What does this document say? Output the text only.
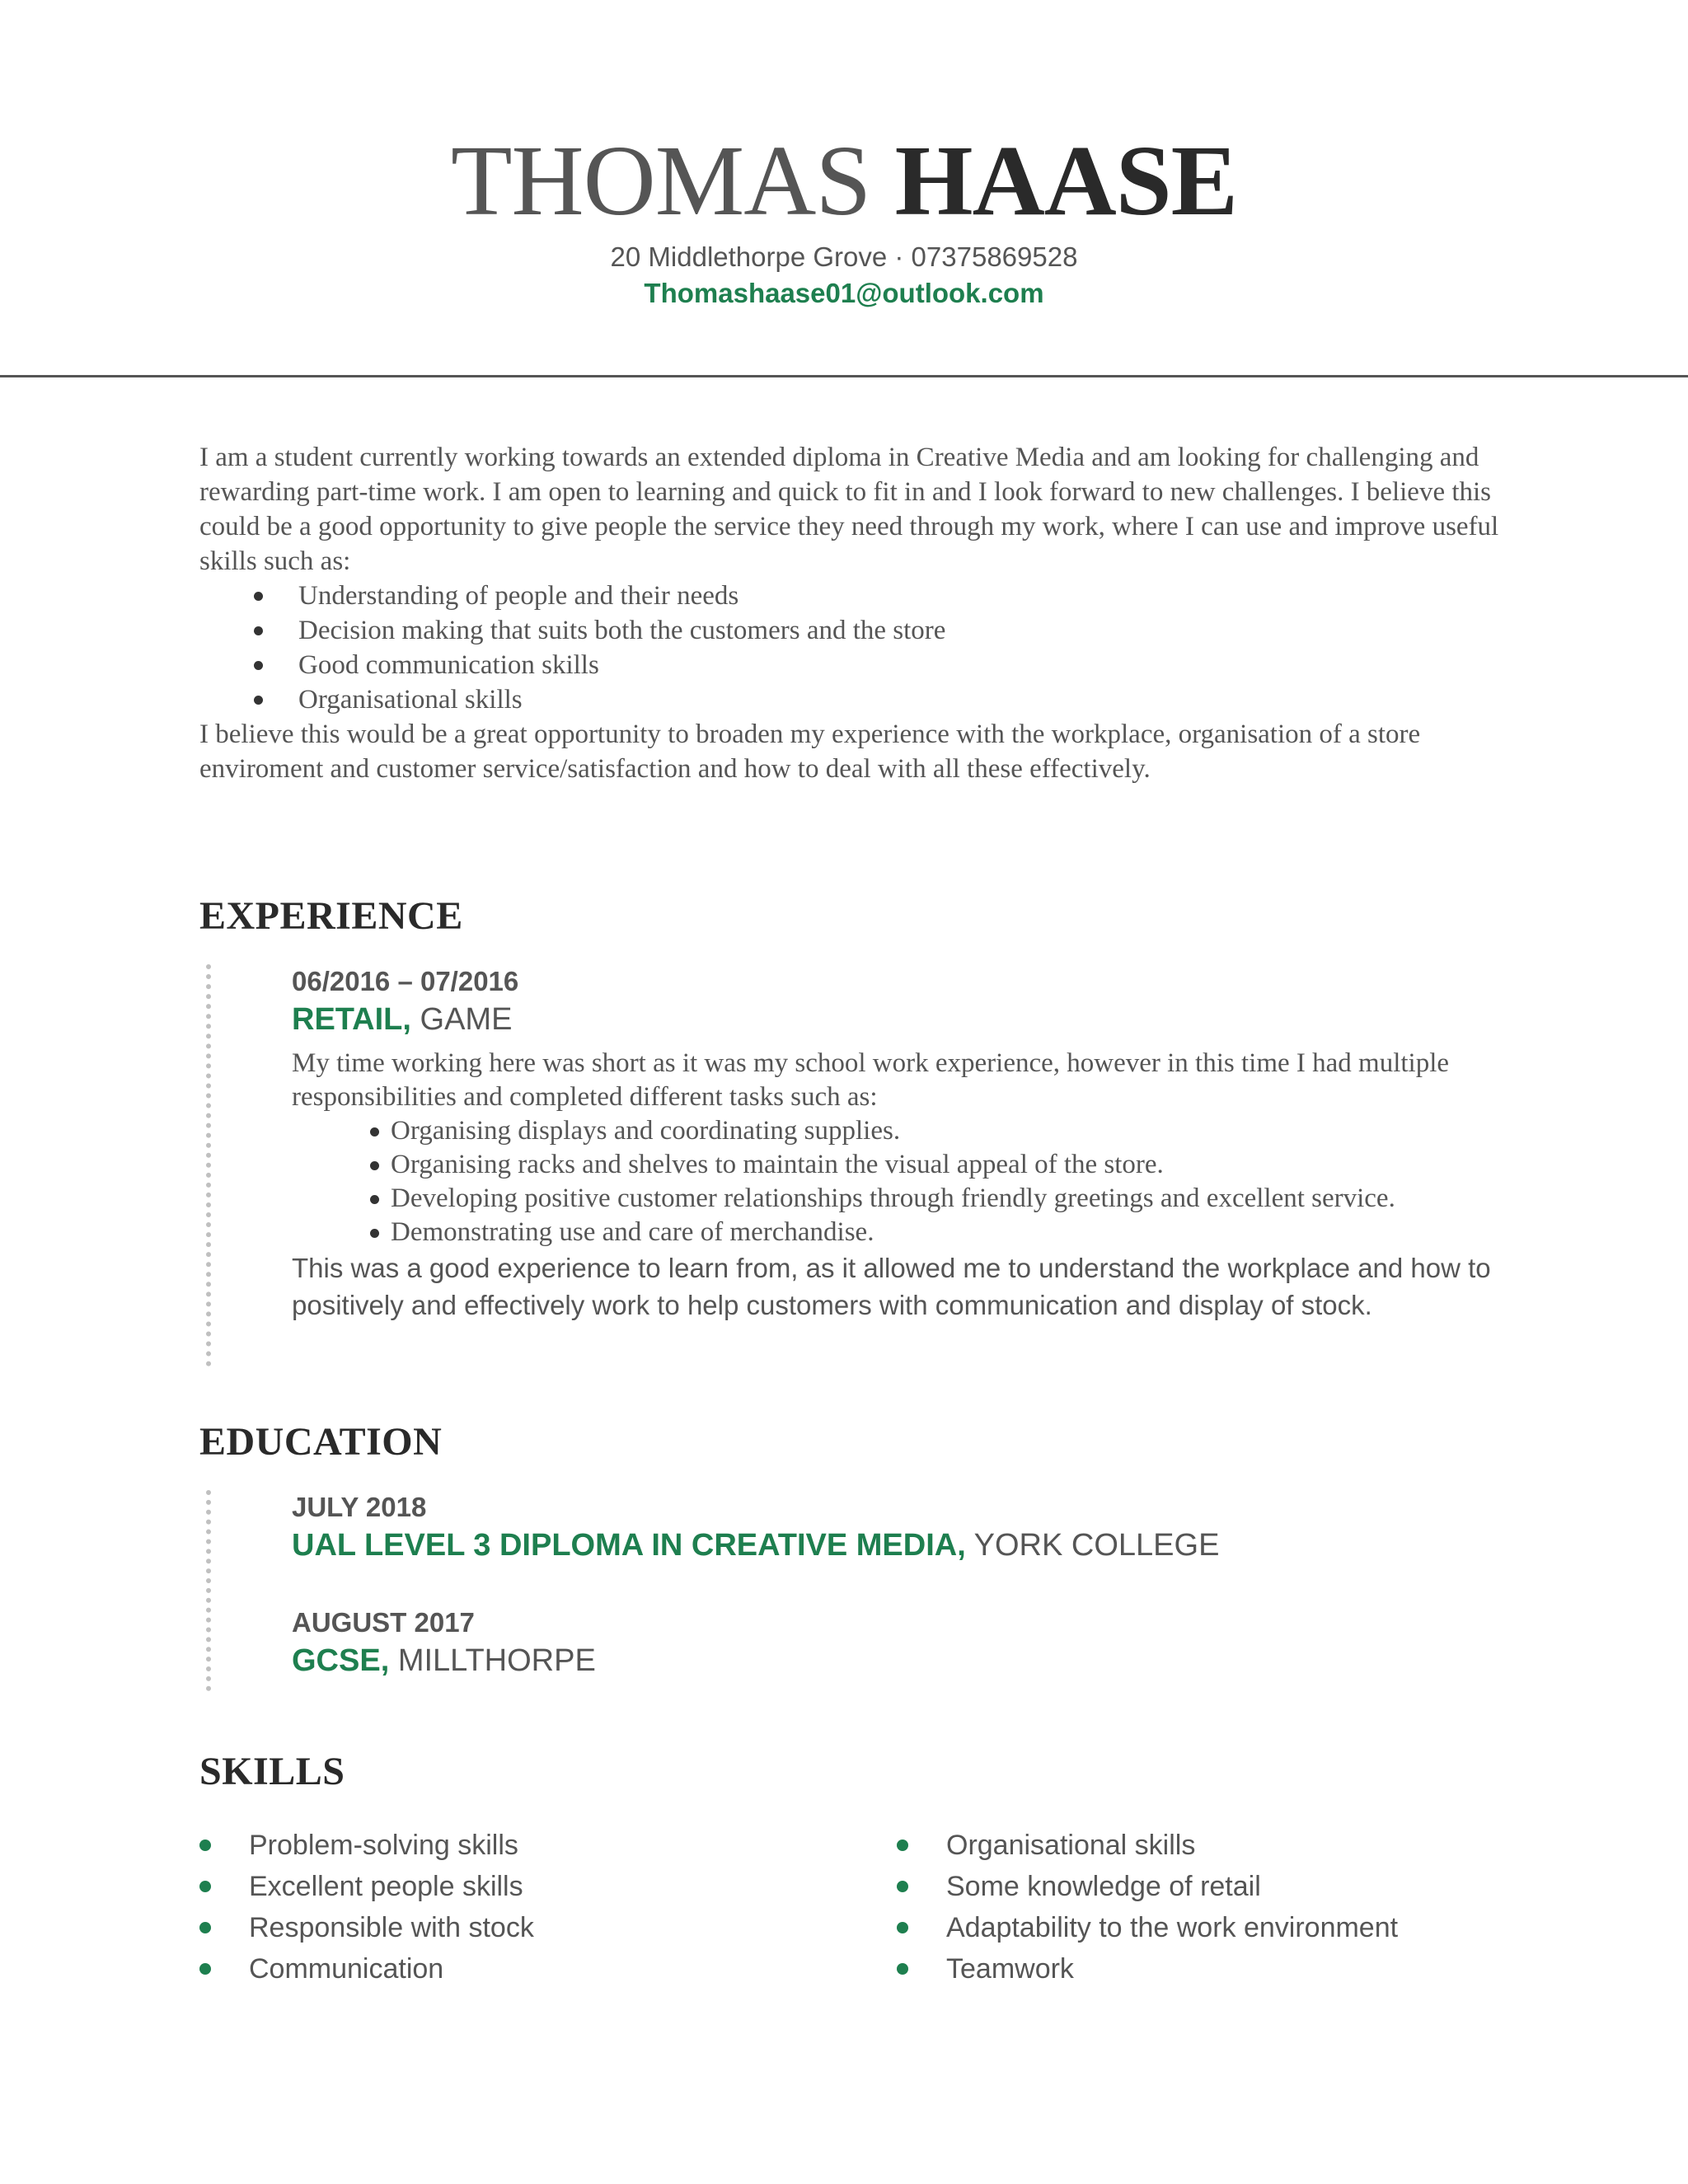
THOMAS HAASE
20 Middlethorpe Grove · 07375869528
Thomashaase01@outlook.com

I am a student currently working towards an extended diploma in Creative Media and am looking for challenging and rewarding part-time work. I am open to learning and quick to fit in and I look forward to new challenges. I believe this could be a good opportunity to give people the service they need through my work, where I can use and improve useful skills such as:

Understanding of people and their needs
Decision making that suits both the customers and the store
Good communication skills
Organisational skills

I believe this would be a great opportunity to broaden my experience with the workplace, organisation of a store enviroment and customer service/satisfaction and how to deal with all these effectively.

EXPERIENCE
06/2016 – 07/2016
RETAIL, GAME
My time working here was short as it was my school work experience, however in this time I had multiple responsibilities and completed different tasks such as:
Organising displays and coordinating supplies.
Organising racks and shelves to maintain the visual appeal of the store.
Developing positive customer relationships through friendly greetings and excellent service.
Demonstrating use and care of merchandise.
This was a good experience to learn from, as it allowed me to understand the workplace and how to positively and effectively work to help customers with communication and display of stock.
EDUCATION
JULY 2018
UAL LEVEL 3 DIPLOMA IN CREATIVE MEDIA, YORK COLLEGE
AUGUST 2017
GCSE, MILLTHORPE
SKILLS
Problem-solving skills
Excellent people skills
Responsible with stock
Communication
Organisational skills
Some knowledge of retail
Adaptability to the work environment
Teamwork
